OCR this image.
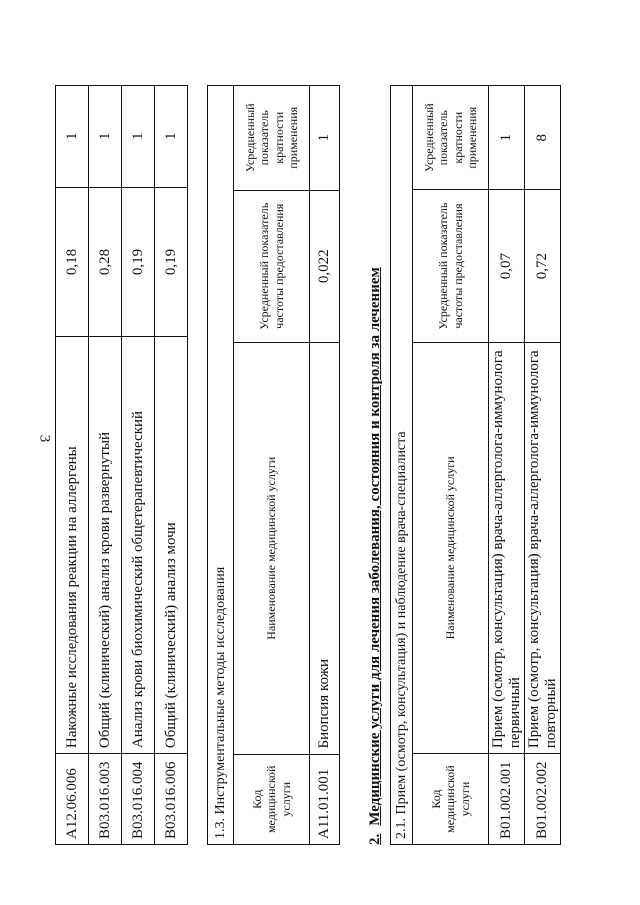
3
A12.06.006	Накожные исследования реакции на аллергены	0,18	1
B03.016.003	Общий (клинический) анализ крови развернутый	0,28	1
B03.016.004	Анализ крови биохимический общетерапевтический	0,19	1
B03.016.006	Общий (клинический) анализ мочи	0,19	1
1.3. Инструментальные методы исследования			
Код медицинской услуги	Наименование медицинской услуги	Усредненный показатель частоты предоставления	Усредненный показатель кратности применения
A11.01.001	Биопсия кожи	0,022	1
2.Медицинские услуги для лечения заболевания, состояния и контроля за лечением 2.1. Прием (осмотр, консультация) и наблюдение врача-специалиста			
Код медицинской услуги	Наименование медицинской услуги	Усредненный показатель частоты предоставления	Усредненный показатель кратности применения
B01.002.001	Прием (осмотр, консультация) врача-аллерголога-иммунолога первичный	0,07	1
B01.002.002	Прием (осмотр, консультация) врача-аллерголога-иммунолога повторный	0,72	8
